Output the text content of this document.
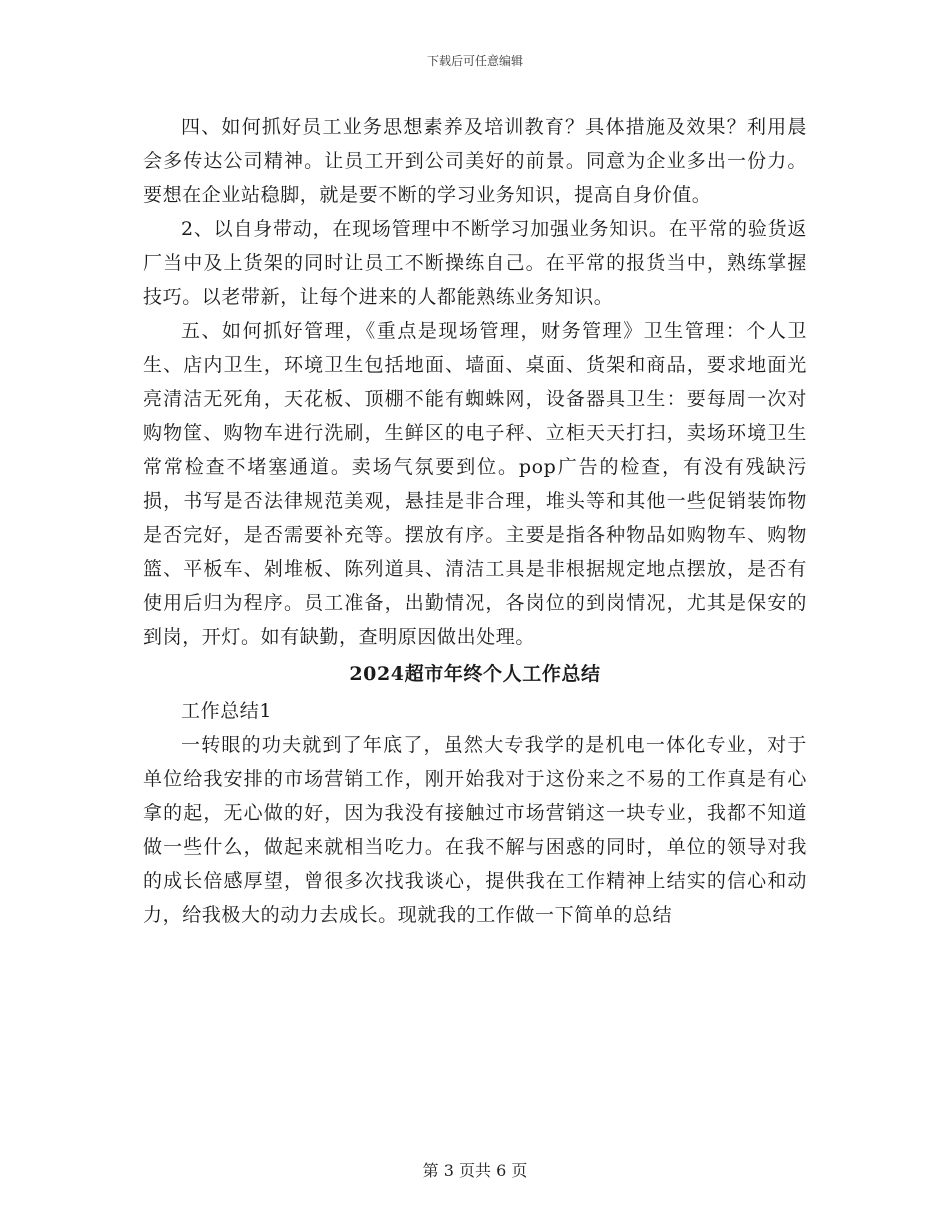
下载后可任意编辑

四、如何抓好员工业务思想素养及培训教育？具体措施及效果？利用晨会多传达公司精神。让员工开到公司美好的前景。同意为企业多出一份力。要想在企业站稳脚，就是要不断的学习业务知识，提高自身价值。

2、以自身带动，在现场管理中不断学习加强业务知识。在平常的验货返厂当中及上货架的同时让员工不断操练自己。在平常的报货当中，熟练掌握技巧。以老带新，让每个进来的人都能熟练业务知识。

五、如何抓好管理，《重点是现场管理，财务管理》卫生管理：个人卫生、店内卫生，环境卫生包括地面、墙面、桌面、货架和商品，要求地面光亮清洁无死角，天花板、顶棚不能有蜘蛛网，设备器具卫生：要每周一次对购物筐、购物车进行洗刷，生鲜区的电子秤、立柜天天打扫，卖场环境卫生常常检查不堵塞通道。卖场气氛要到位。pop广告的检查，有没有残缺污损，书写是否法律规范美观，悬挂是非合理，堆头等和其他一些促销装饰物是否完好，是否需要补充等。摆放有序。主要是指各种物品如购物车、购物篮、平板车、剁堆板、陈列道具、清洁工具是非根据规定地点摆放，是否有使用后归为程序。员工准备，出勤情况，各岗位的到岗情况，尤其是保安的到岗，开灯。如有缺勤，查明原因做出处理。

2024超市年终个人工作总结

工作总结1

一转眼的功夫就到了年底了，虽然大专我学的是机电一体化专业，对于单位给我安排的市场营销工作，刚开始我对于这份来之不易的工作真是有心拿的起，无心做的好，因为我没有接触过市场营销这一块专业，我都不知道做一些什么，做起来就相当吃力。在我不解与困惑的同时，单位的领导对我的成长倍感厚望，曾很多次找我谈心，提供我在工作精神上结实的信心和动力，给我极大的动力去成长。现就我的工作做一下简单的总结

第 3 页共 6 页
